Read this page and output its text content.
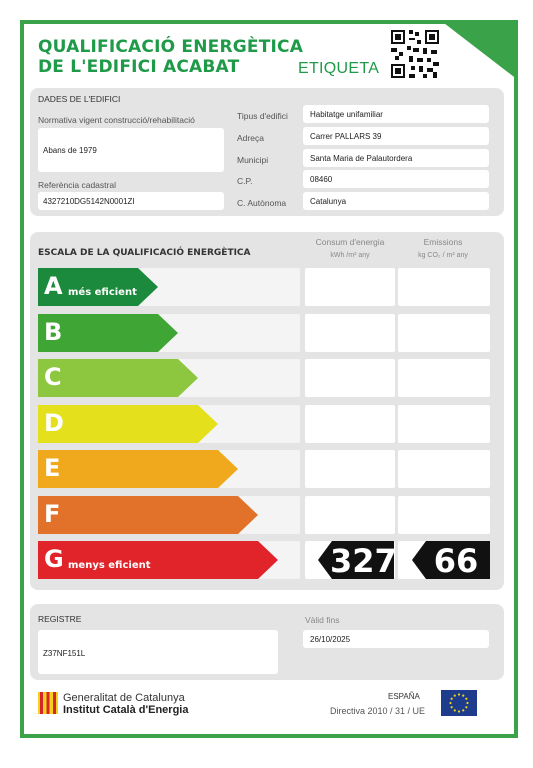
QUALIFICACIÓ ENERGÈTICA
DE L'EDIFICI ACABAT	ETIQUETA
DADES DE L'EDIFICI
Normativa vigent construcció/rehabilitació
Abans de 1979
Referència cadastral
4327210DG5142N0001ZI
Tipus d'edifici	Habitatge unifamiliar
Adreça	Carrer PALLARS 39
Municipi	Santa Maria de Palautordera
C.P.	08460
C. Autònoma	Catalunya
ESCALA DE LA QUALIFICACIÓ ENERGÈTICA
Consum d'energia
kWh /m² any
Emissions
kg CO₂ / m² any
A més eficient
B
C
D
E
F
G menys eficient	327	66
REGISTRE
Z37NF151L
Vàlid fins
26/10/2025
Generalitat de Catalunya
Institut Català d'Energia
ESPAÑA
Directiva 2010 / 31 / UE
